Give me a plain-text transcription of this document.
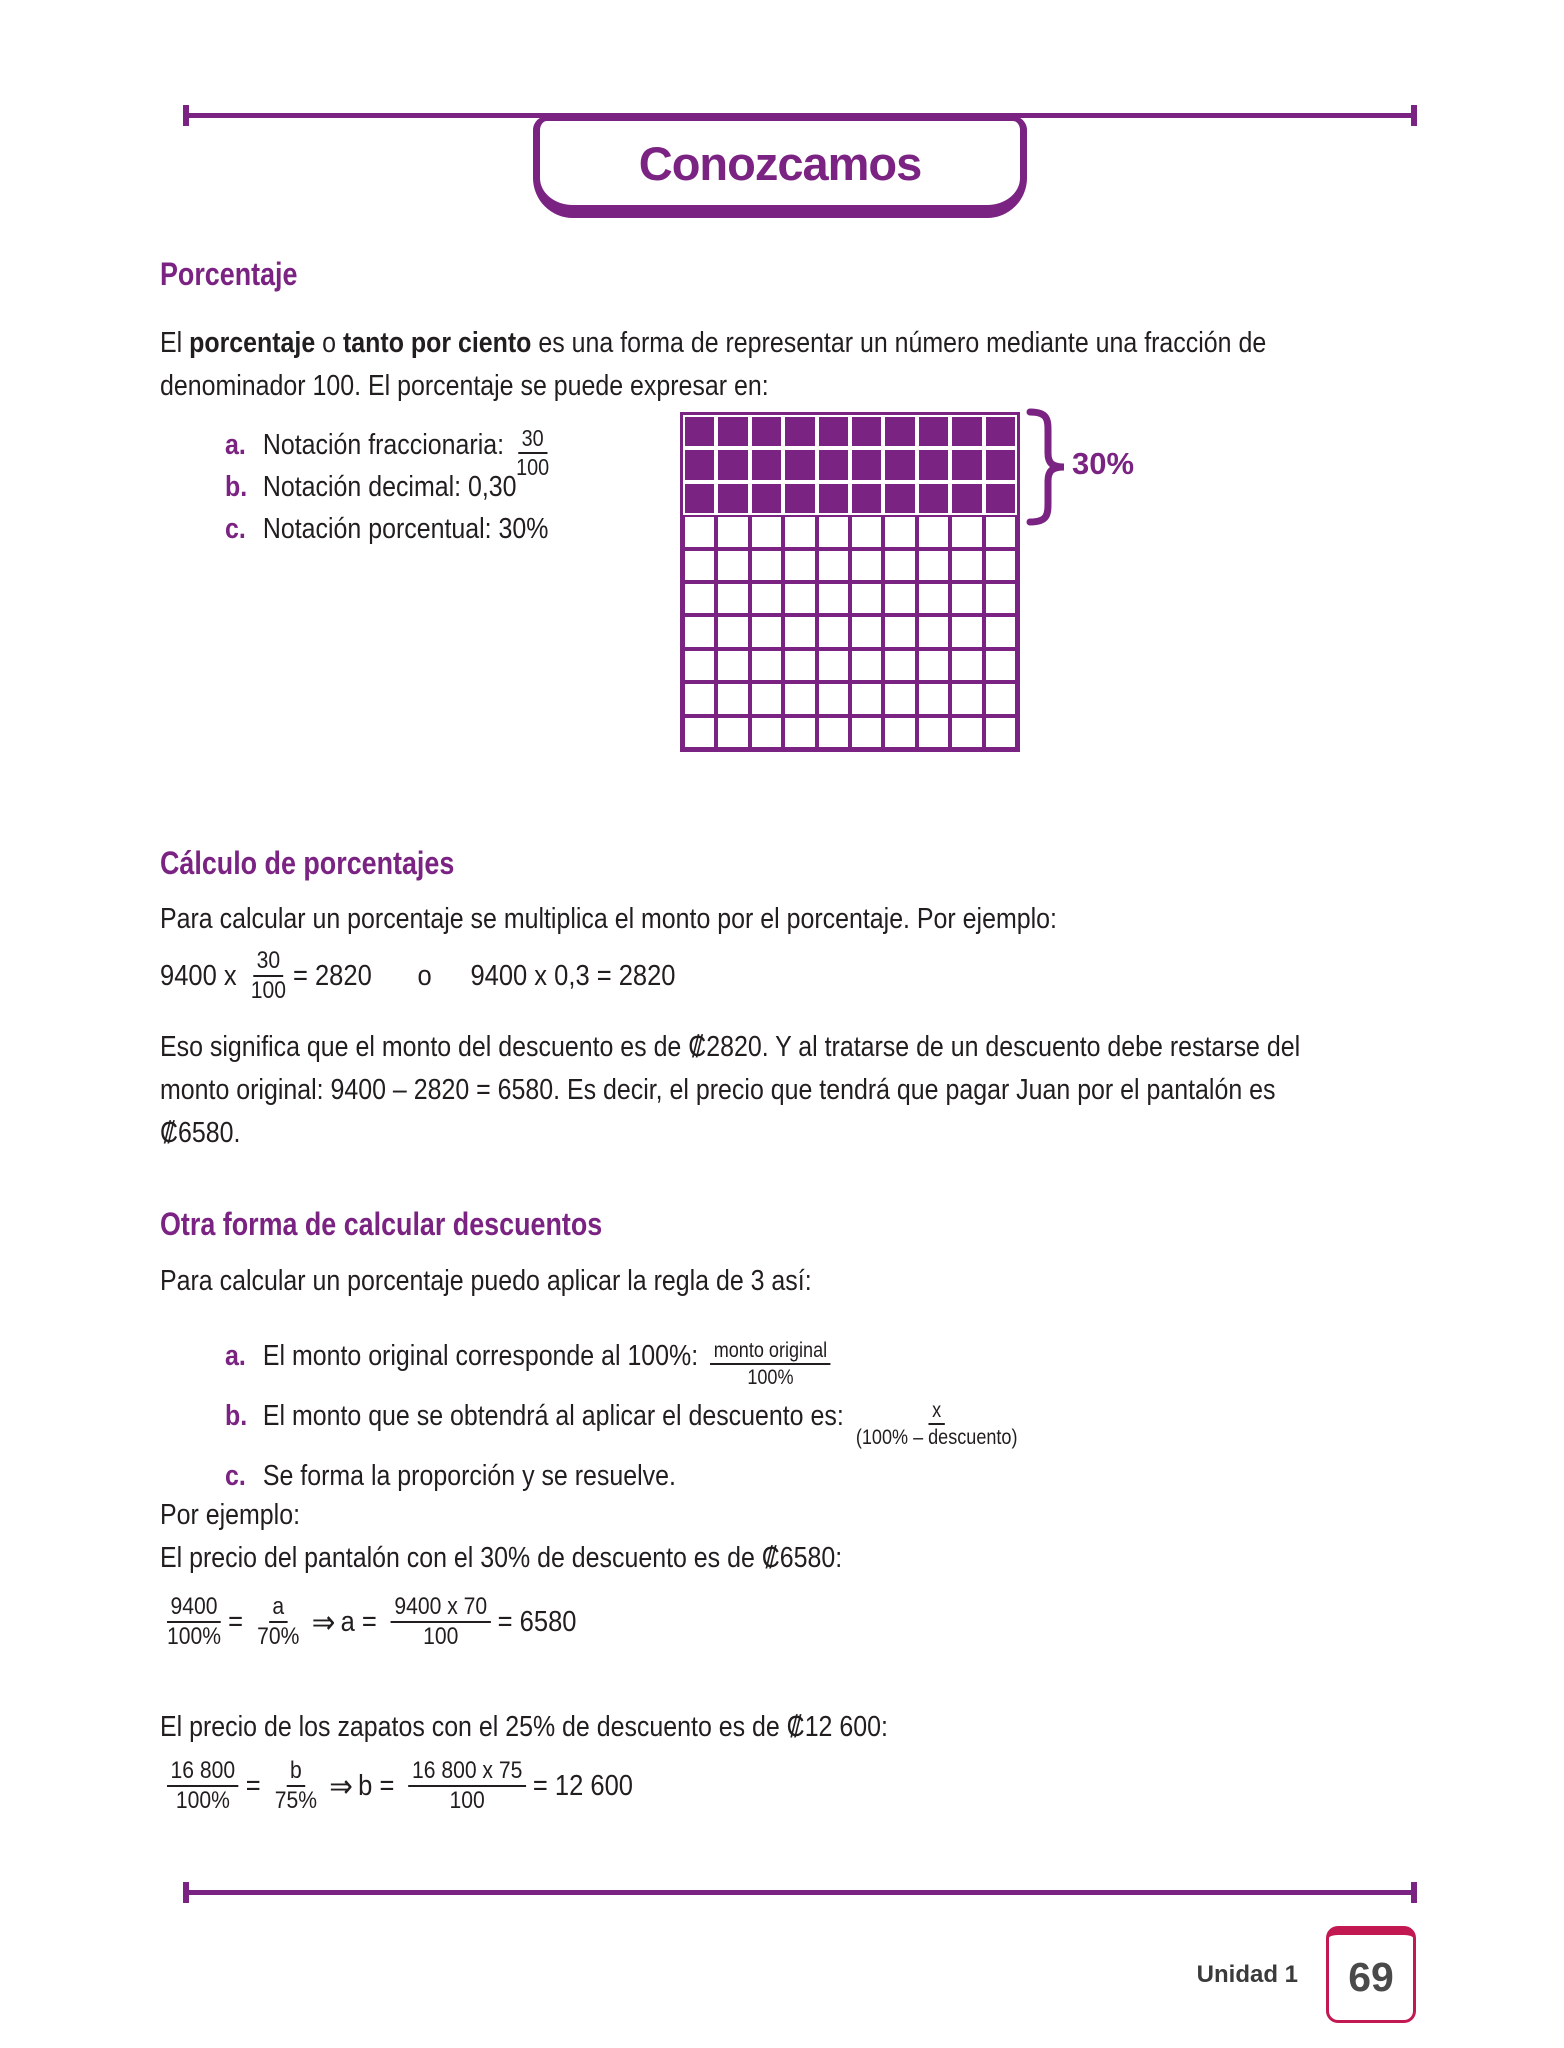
Conozcamos
Porcentaje
El porcentaje o tanto por ciento es una forma de representar un número mediante una fracción de
denominador 100. El porcentaje se puede expresar en:
a. Notación fraccionaria: $\frac{30}{100}$
b. Notación decimal: 0,30
c. Notación porcentual: 30%
30%
Cálculo de porcentajes
Para calcular un porcentaje se multiplica el monto por el porcentaje. Por ejemplo:
9400 x $\frac{30}{100} = 2820$ o 9400 x 0,3 = 2820
Eso significa que el monto del descuento es de ₡2820. Y al tratarse de un descuento debe restarse del
monto original: 9400 – 2820 = 6580. Es decir, el precio que tendrá que pagar Juan por el pantalón es
₡6580.
Otra forma de calcular descuentos
Para calcular un porcentaje puedo aplicar la regla de 3 así:
a. El monto original corresponde al 100%: $\frac{\text{monto original}}{100\%}$
b. El monto que se obtendrá al aplicar el descuento es: $\frac{x}{\text{(100\% – descuento)}}$
c. Se forma la proporción y se resuelve.
Por ejemplo:
El precio del pantalón con el 30% de descuento es de ₡6580:
$\frac{9400}{100\%} = \frac{a}{70\%}$ ⇒ $a = \frac{9400 x 70}{100} = 6580$
El precio de los zapatos con el 25% de descuento es de ₡12 600:
$\frac{16 800}{100\%} = \frac{b}{75\%}$ ⇒ $b = \frac{16 800 x 75}{100} = 12$ 600
Unidad 1 69
